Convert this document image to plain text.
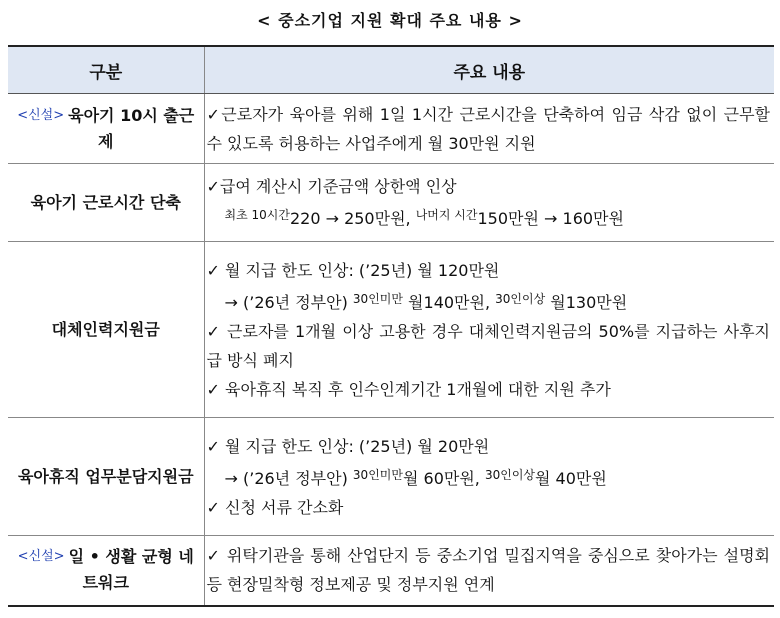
< 중소기업 지원 확대 주요 내용 >
구분	주요 내용
$^{<신설>}$ 육아기 10시 출근제	✓근로자가 육아를 위해 1일 1시간 근로시간을 단축하여 임금 삭감 없이 근무할 수 있도록 허용하는 사업주에게 월 30만원 지원

육아기 근로시간 단축	✓급여 계산시 기준금액 상한액 인상
$^{최초 10시간}$220 → 250만원, $^{나머지 시간}$150만원 → 160만원

대체인력지원금	✓ 월 지급 한도 인상: (’25년) 월 120만원
→ (’26년 정부안) $^{30인미만}$ 월140만원, $^{30인이상}$ 월130만원
✓ 근로자를 1개월 이상 고용한 경우 대체인력지원금의 50%를 지급하는 사후지급 방식 폐지
✓ 육아휴직 복직 후 인수인계기간 1개월에 대한 지원 추가

육아휴직 업무분담지원금	✓ 월 지급 한도 인상: (’25년) 월 20만원
→ (’26년 정부안) $^{30인미만}$월 60만원, $^{30인이상}$월 40만원
✓ 신청 서류 간소화

$^{<신설>}$ 일 • 생활 균형 네트워크	✓ 위탁기관을 통해 산업단지 등 중소기업 밀집지역을 중심으로 찾아가는 설명회 등 현장밀착형 정보제공 및 정부지원 연계
